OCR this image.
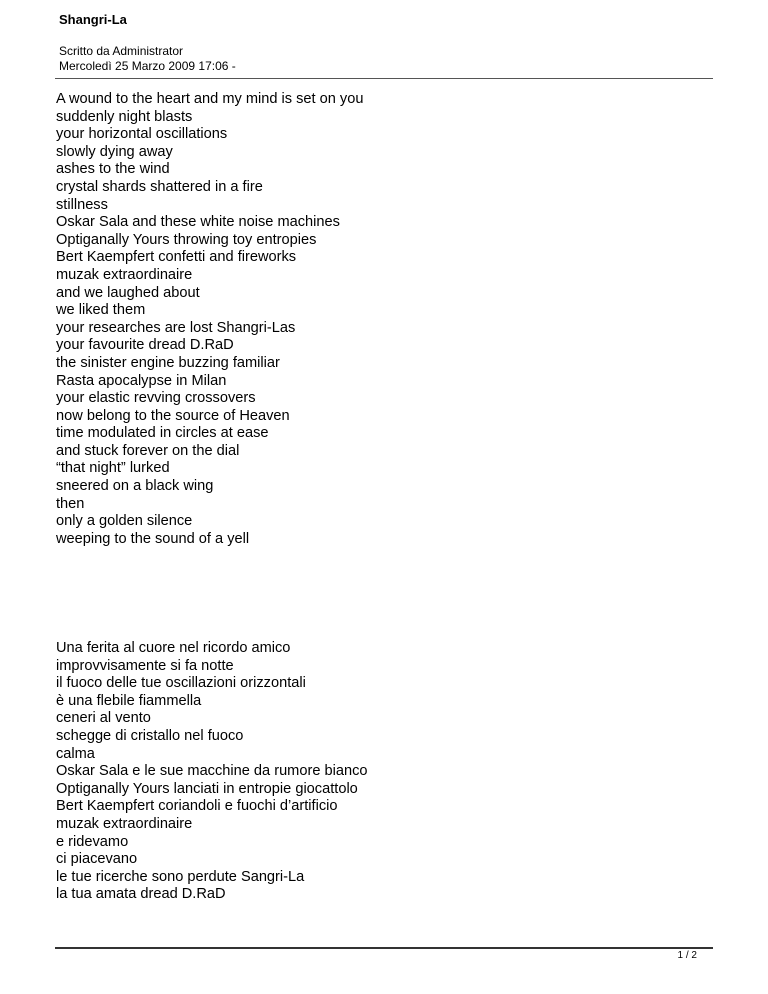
Shangri-La
Scritto da Administrator
Mercoledì 25 Marzo 2009 17:06 -
A wound to the heart and my mind is set on you
suddenly night blasts
your horizontal oscillations
slowly dying away
ashes to the wind
crystal shards shattered in a fire
stillness
Oskar Sala and these white noise machines
Optiganally Yours throwing toy entropies
Bert Kaempfert confetti and fireworks
muzak extraordinaire
and we laughed about
we liked them
your researches are lost Shangri-Las
your favourite dread D.RaD
the sinister engine buzzing familiar
Rasta apocalypse in Milan
your elastic revving crossovers
now belong to the source of Heaven
time modulated in circles at ease
and stuck forever on the dial
“that night” lurked
sneered on a black wing
then
only a golden silence
weeping to the sound of a yell
Una ferita al cuore nel ricordo amico
improvvisamente si fa notte
il fuoco delle tue oscillazioni orizzontali
è una flebile fiammella
ceneri al vento
schegge di cristallo nel fuoco
calma
Oskar Sala e le sue macchine da rumore bianco
Optiganally Yours lanciati in entropie giocattolo
Bert Kaempfert coriandoli e fuochi d’artificio
muzak extraordinaire
e ridevamo
ci piacevano
le tue ricerche sono perdute Sangri-La
la tua amata dread D.RaD
1 / 2
